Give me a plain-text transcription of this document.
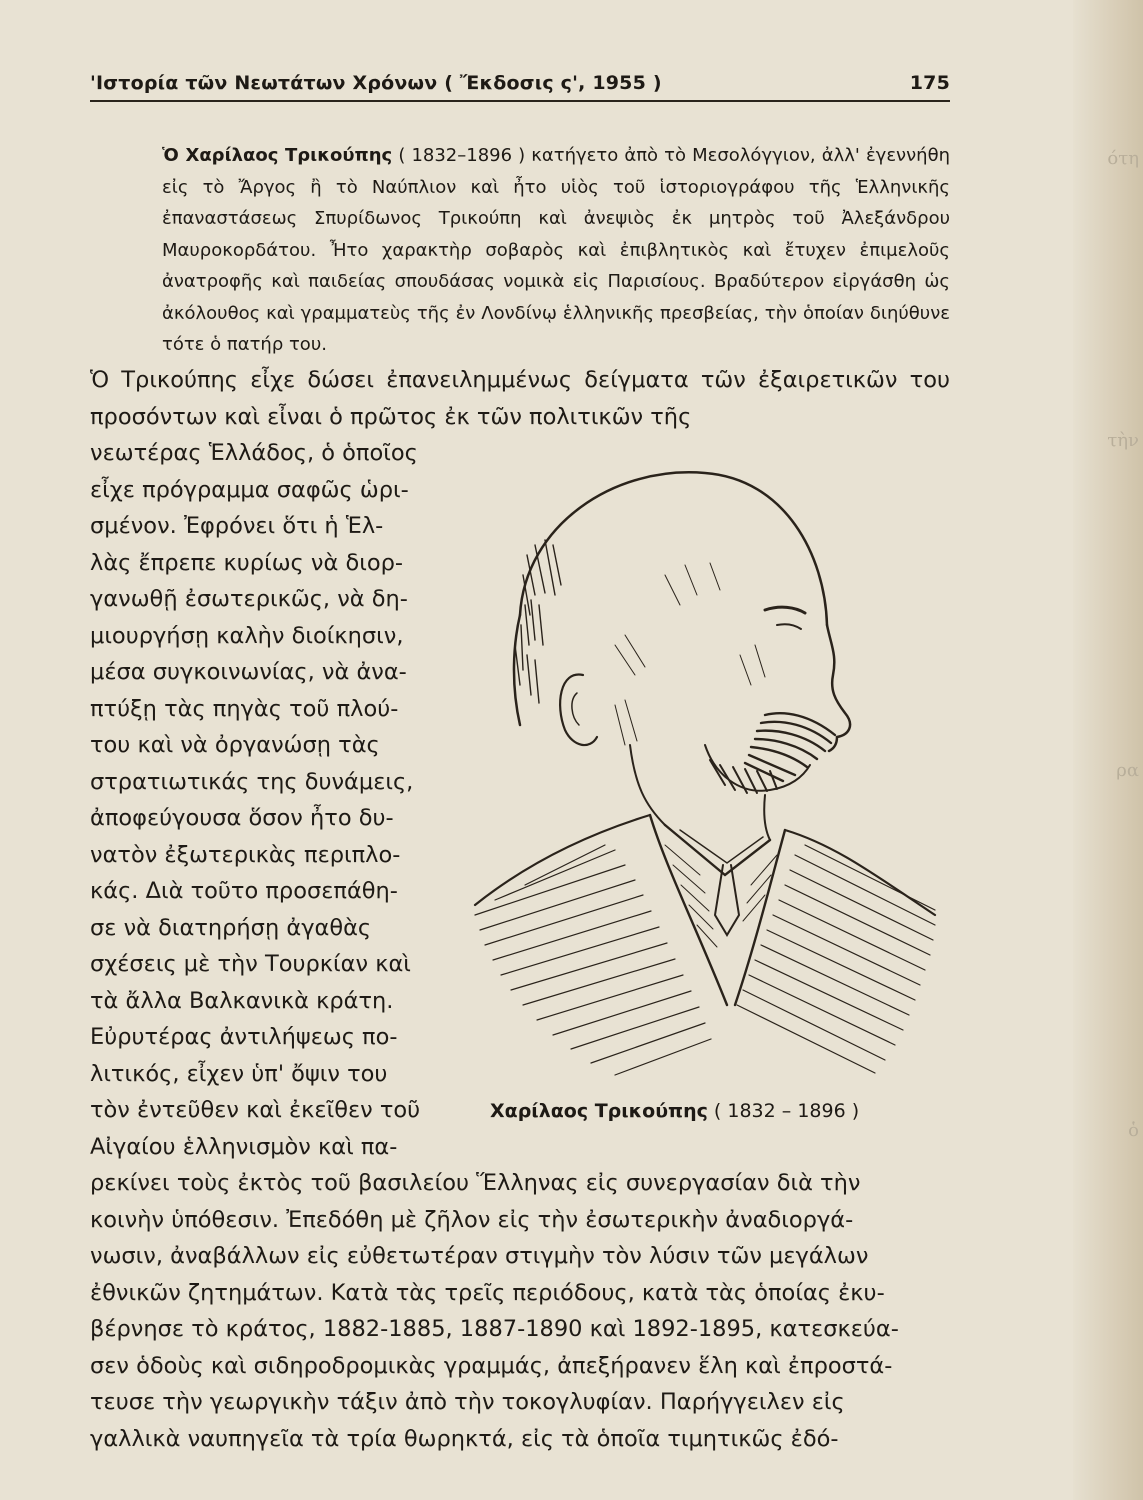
ότη
τὴν
ρα
ὁ
'Ιστορία τῶν Νεωτάτων Χρόνων ( Ἔκδοσις ς', 1955 )	175
Ὁ Χαρίλαος Τρικούπης ( 1832–1896 ) κατήγετο ἀπὸ τὸ Μεσολόγγιον, ἀλλ' ἐγεννήθη εἰς τὸ Ἄργος ἢ τὸ Ναύπλιον καὶ ἦτο υἱὸς τοῦ ἱστοριογράφου τῆς Ἑλληνικῆς ἐπαναστάσεως Σπυρίδωνος Τρικούπη καὶ ἀνεψιὸς ἐκ μητρὸς τοῦ Ἀλεξάνδρου Μαυροκορδάτου. Ἦτο χαρακτὴρ σοβαρὸς καὶ ἐπιβλητικὸς καὶ ἔτυχεν ἐπιμελοῦς ἀνατροφῆς καὶ παιδείας σπουδάσας νομικὰ εἰς Παρισίους. Βραδύτερον εἰργάσθη ὡς ἀκόλουθος καὶ γραμματεὺς τῆς ἐν Λονδίνῳ ἑλληνικῆς πρεσβείας, τὴν ὁποίαν διηύθυνε τότε ὁ πατήρ του.
Ὁ Τρικούπης εἶχε δώσει ἐπανειλημμένως δείγματα τῶν ἐξαιρετικῶν του προσόντων καὶ εἶναι ὁ πρῶτος ἐκ τῶν πολιτικῶν τῆς
νεωτέρας Ἑλλάδος, ὁ ὁποῖος
εἶχε πρόγραμμα σαφῶς ὡρι-
σμένον. Ἐφρόνει ὅτι ἡ Ἑλ-
λὰς ἔπρεπε κυρίως νὰ διορ-
γανωθῇ ἐσωτερικῶς, νὰ δη-
μιουργήσῃ καλὴν διοίκησιν,
μέσα συγκοινωνίας, νὰ ἀνα-
πτύξῃ τὰς πηγὰς τοῦ πλού-
του καὶ νὰ ὀργανώσῃ τὰς
στρατιωτικάς της δυνάμεις,
ἀποφεύγουσα ὅσον ἦτο δυ-
νατὸν ἐξωτερικὰς περιπλο-
κάς. Διὰ τοῦτο προσεπάθη-
σε νὰ διατηρήσῃ ἀγαθὰς
σχέσεις μὲ τὴν Τουρκίαν καὶ
τὰ ἄλλα Βαλκανικὰ κράτη.
Εὐρυτέρας ἀντιλήψεως πο-
λιτικός, εἶχεν ὑπ' ὄψιν του
τὸν ἐντεῦθεν καὶ ἐκεῖθεν τοῦ
Αἰγαίου ἑλληνισμὸν καὶ πα-
Χαρίλαος Τρικούπης ( 1832 – 1896 )
ρεκίνει τοὺς ἐκτὸς τοῦ βασιλείου Ἕλληνας εἰς συνεργασίαν διὰ τὴν
κοινὴν ὑπόθεσιν. Ἐπεδόθη μὲ ζῆλον εἰς τὴν ἐσωτερικὴν ἀναδιοργά-
νωσιν, ἀναβάλλων εἰς εὐθετωτέραν στιγμὴν τὸν λύσιν τῶν μεγάλων
ἐθνικῶν ζητημάτων. Κατὰ τὰς τρεῖς περιόδους, κατὰ τὰς ὁποίας ἐκυ-
βέρνησε τὸ κράτος, 1882-1885, 1887-1890 καὶ 1892-1895, κατεσκεύα-
σεν ὁδοὺς καὶ σιδηροδρομικὰς γραμμάς, ἀπεξήρανεν ἕλη καὶ ἐπροστά-
τευσε τὴν γεωργικὴν τάξιν ἀπὸ τὴν τοκογλυφίαν. Παρήγγειλεν εἰς
γαλλικὰ ναυπηγεῖα τὰ τρία θωρηκτά, εἰς τὰ ὁποῖα τιμητικῶς ἐδό-
